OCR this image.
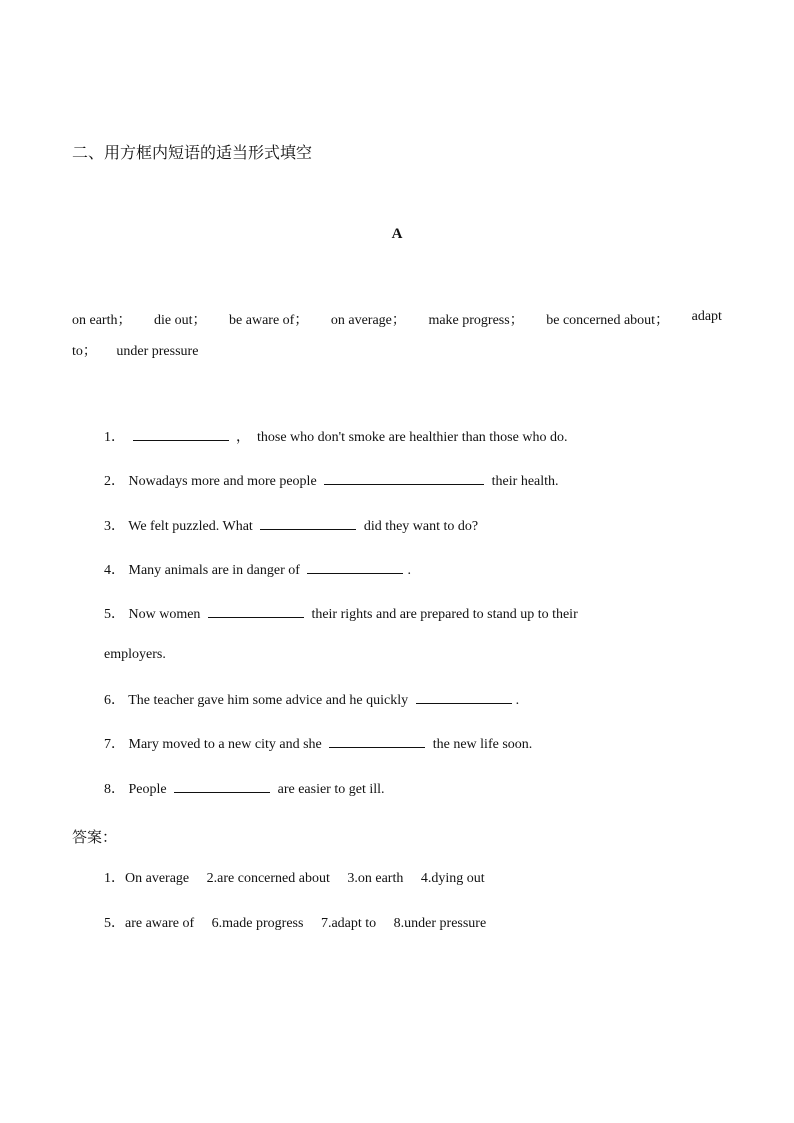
二、用方框内短语的适当形式填空
A
on earth； die out； be aware of； on average； make progress； be concerned about； adapt
to； under pressure
1．	，　those who don't smoke are healthier than those who do.
2． Nowadays more and more people	their health.
3． We felt puzzled. What	did they want to do?
4． Many animals are in danger of	.
5． Now women	their rights and are prepared to stand up to their
employers.
6． The teacher gave him some advice and he quickly	.
7． Mary moved to a new city and she	the new life soon.
8． People	are easier to get ill.
答案：
1．On average 2.are concerned about 3.on earth 4.dying out
5．are aware of 6.made progress 7.adapt to 8.under pressure
